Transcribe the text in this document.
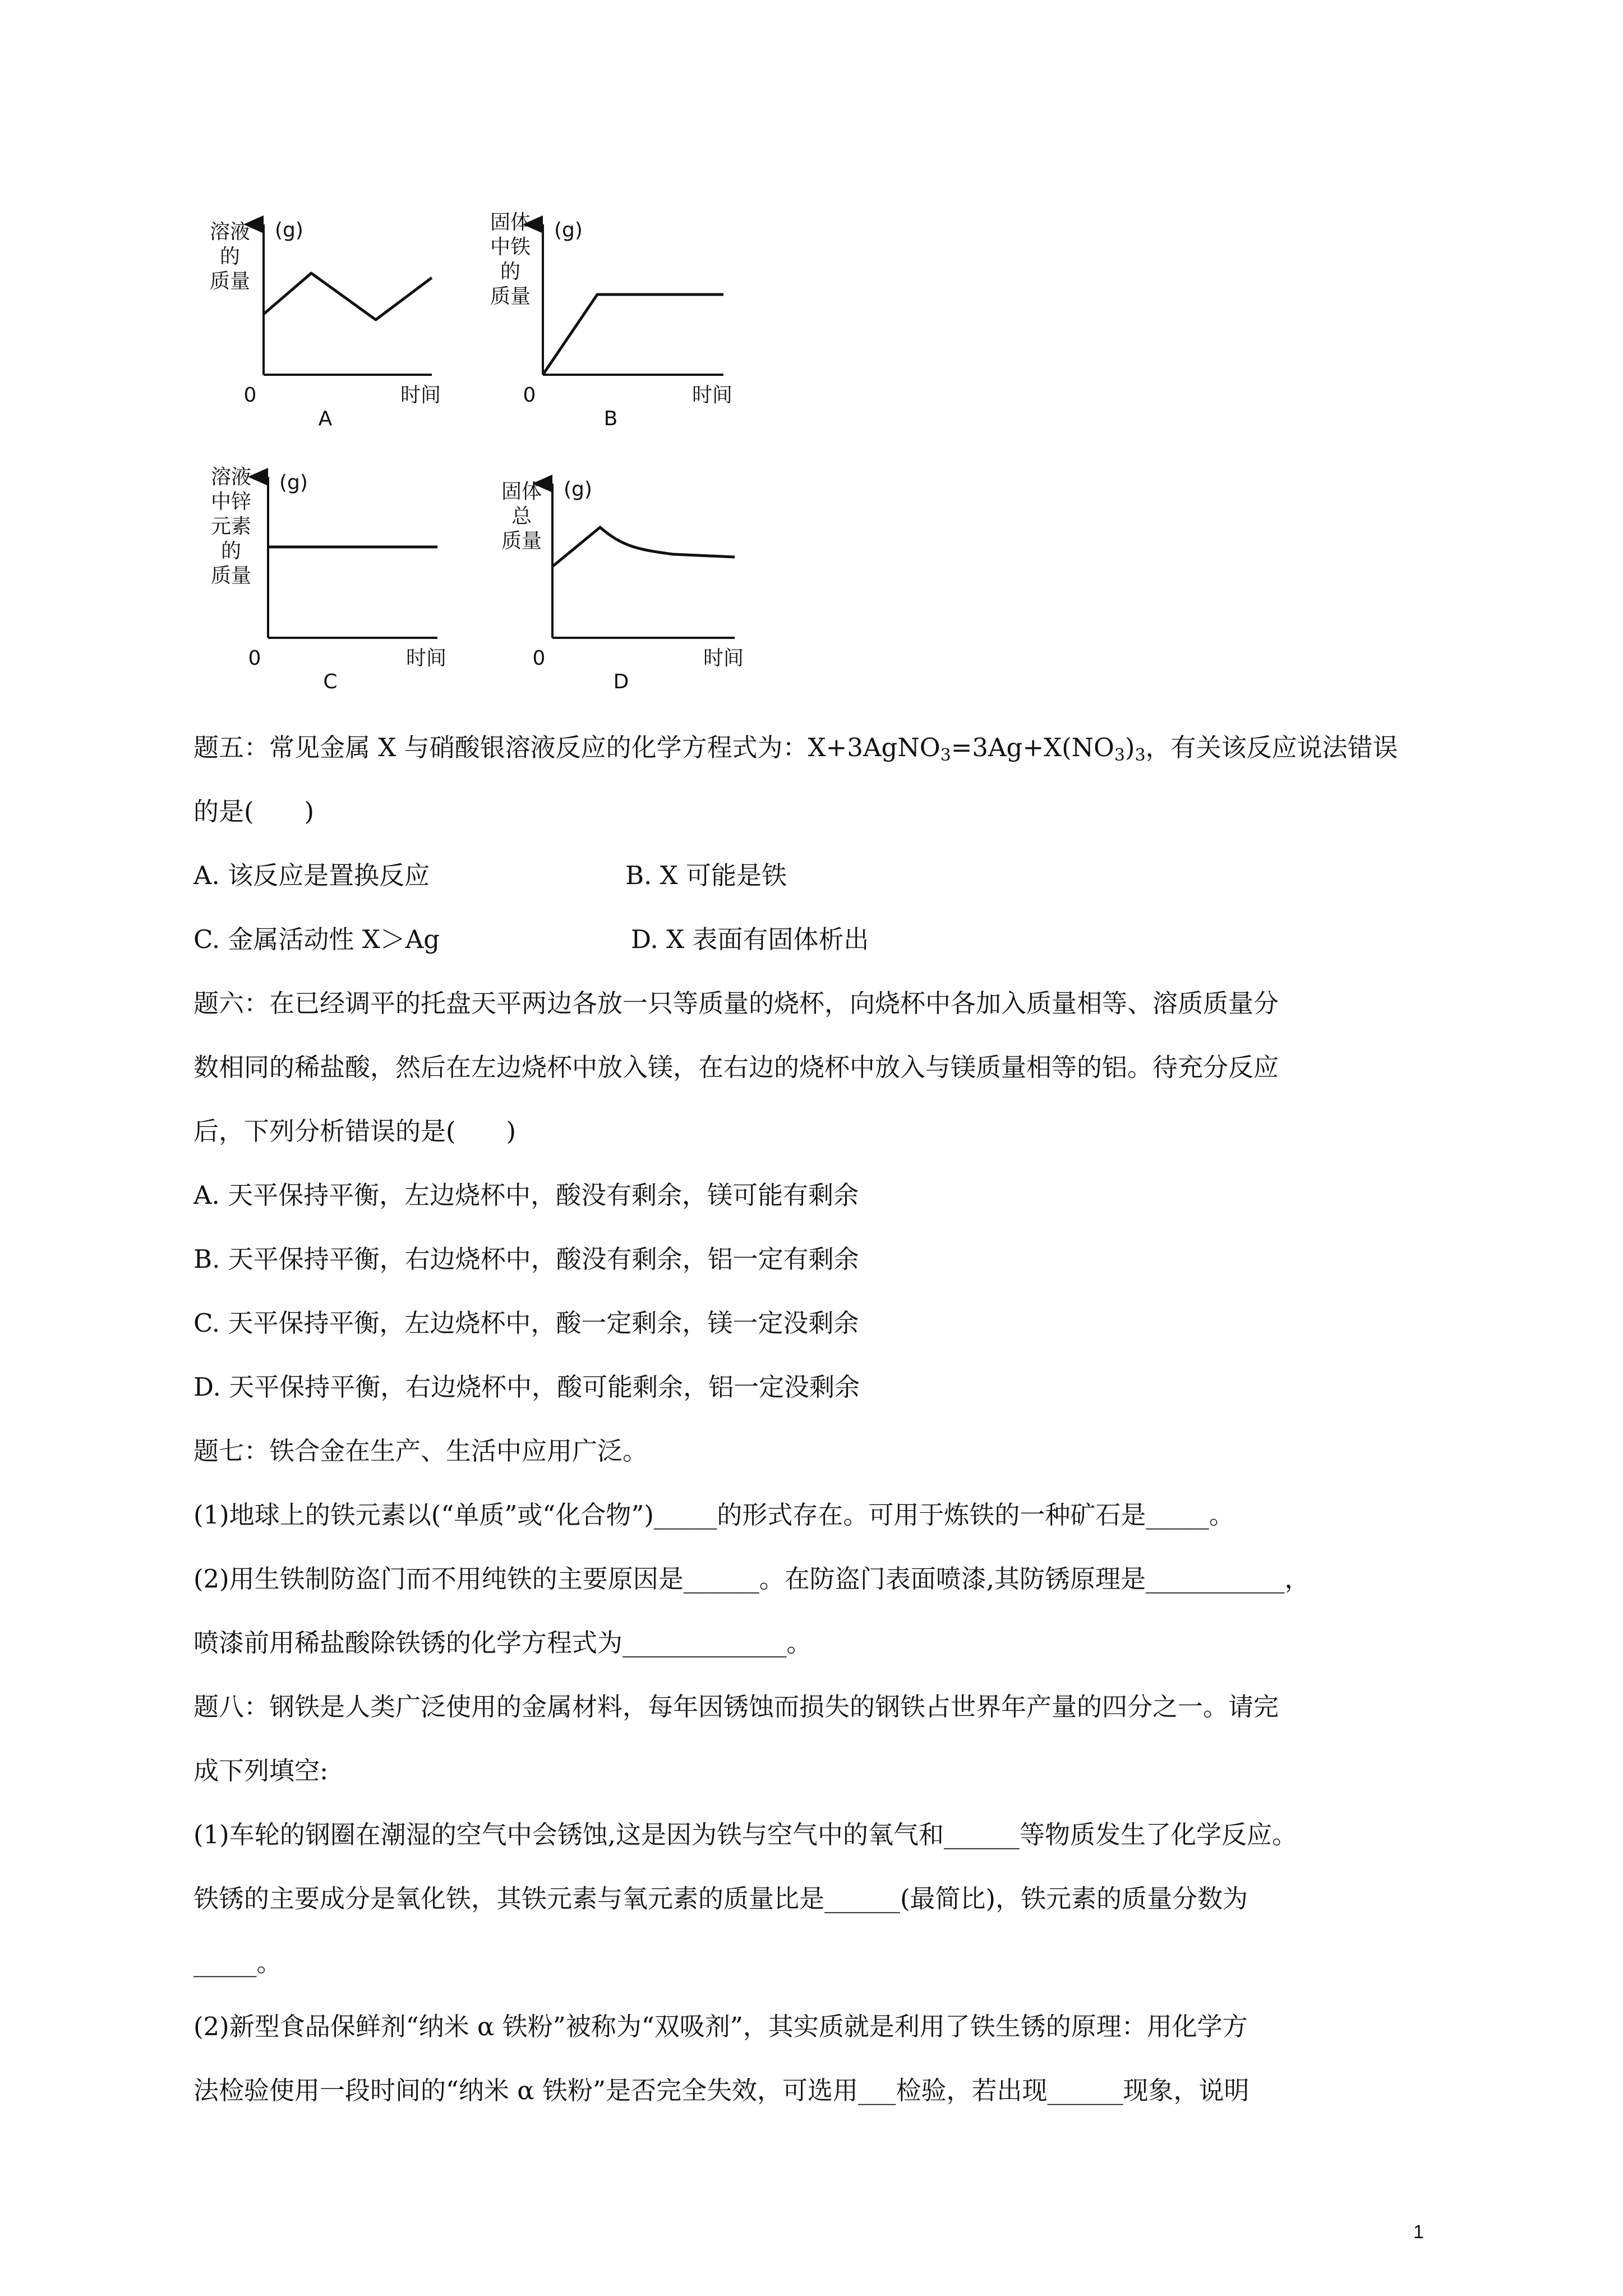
溶液
的
质量
(g)
0	时间
A
固体
中铁
的
质量
(g)
0	时间
B
溶液
中锌
元素
的
质量
(g)
0	时间
C
固体
总
质量
(g)
0	时间
D
题五：常见金属 X 与硝酸银溶液反应的化学方程式为：$X+3AgNO_3=3Ag+X(NO_3)_3$，有关该反应说法错误
的是(　　)
A. 该反应是置换反应	B. X 可能是铁
C. 金属活动性 X＞Ag	D. X 表面有固体析出
题六：在已经调平的托盘天平两边各放一只等质量的烧杯，向烧杯中各加入质量相等、溶质质量分
数相同的稀盐酸，然后在左边烧杯中放入镁，在右边的烧杯中放入与镁质量相等的铝。待充分反应
后，下列分析错误的是(　　)
A. 天平保持平衡，左边烧杯中，酸没有剩余，镁可能有剩余
B. 天平保持平衡，右边烧杯中，酸没有剩余，铝一定有剩余
C. 天平保持平衡，左边烧杯中，酸一定剩余，镁一定没剩余
D. 天平保持平衡，右边烧杯中，酸可能剩余，铝一定没剩余
题七：铁合金在生产、生活中应用广泛。
(1)地球上的铁元素以(“单质”或“化合物”)_____的形式存在。可用于炼铁的一种矿石是_____。
(2)用生铁制防盗门而不用纯铁的主要原因是______。在防盗门表面喷漆,其防锈原理是___________，
喷漆前用稀盐酸除铁锈的化学方程式为_____________。
题八：钢铁是人类广泛使用的金属材料，每年因锈蚀而损失的钢铁占世界年产量的四分之一。请完
成下列填空:
(1)车轮的钢圈在潮湿的空气中会锈蚀,这是因为铁与空气中的氧气和______等物质发生了化学反应。
铁锈的主要成分是氧化铁，其铁元素与氧元素的质量比是______(最简比)，铁元素的质量分数为
_____。
(2)新型食品保鲜剂“纳米 α 铁粉”被称为“双吸剂”，其实质就是利用了铁生锈的原理：用化学方
法检验使用一段时间的“纳米 α 铁粉”是否完全失效，可选用___检验，若出现______现象，说明
1
